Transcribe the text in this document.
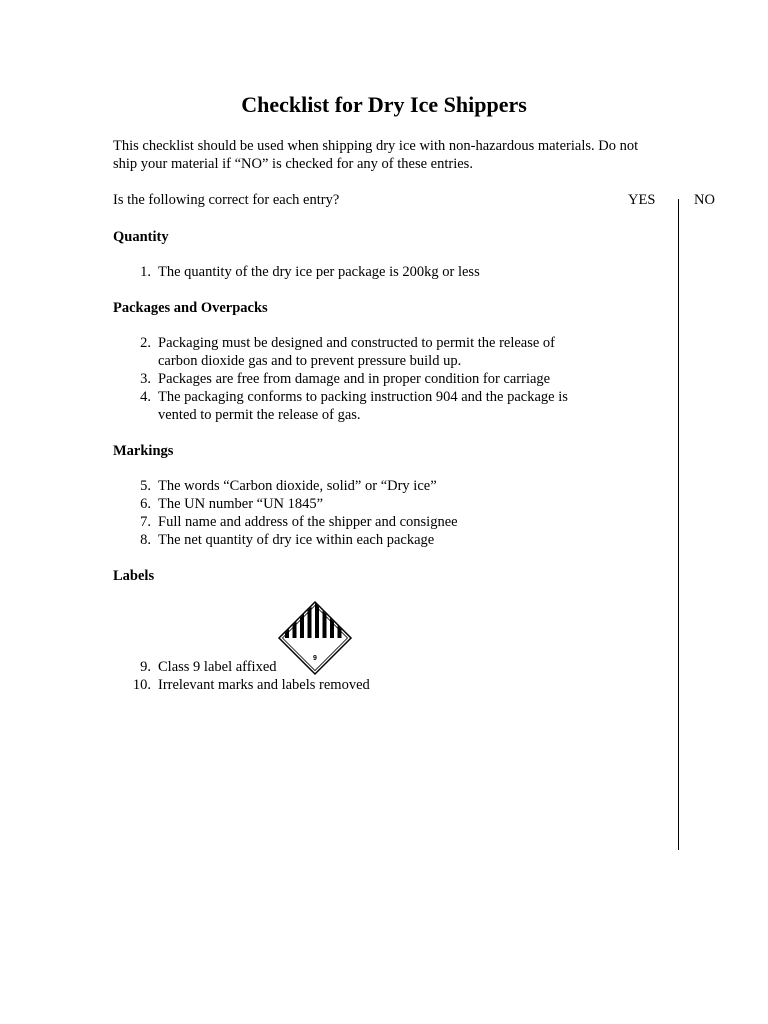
Checklist for Dry Ice Shippers
This checklist should be used when shipping dry ice with non-hazardous materials. Do not ship your material if “NO” is checked for any of these entries.
Is the following correct for each entry?	YES	NO
Quantity
1. The quantity of the dry ice per package is 200kg or less
Packages and Overpacks
2. Packaging must be designed and constructed to permit the release of carbon dioxide gas and to prevent pressure build up.
3. Packages are free from damage and in proper condition for carriage
4. The packaging conforms to packing instruction 904 and the package is vented to permit the release of gas.
Markings
5. The words “Carbon dioxide, solid” or “Dry ice”
6. The UN number “UN 1845”
7. Full name and address of the shipper and consignee
8. The net quantity of dry ice within each package
Labels
9
9. Class 9 label affixed
10. Irrelevant marks and labels removed
